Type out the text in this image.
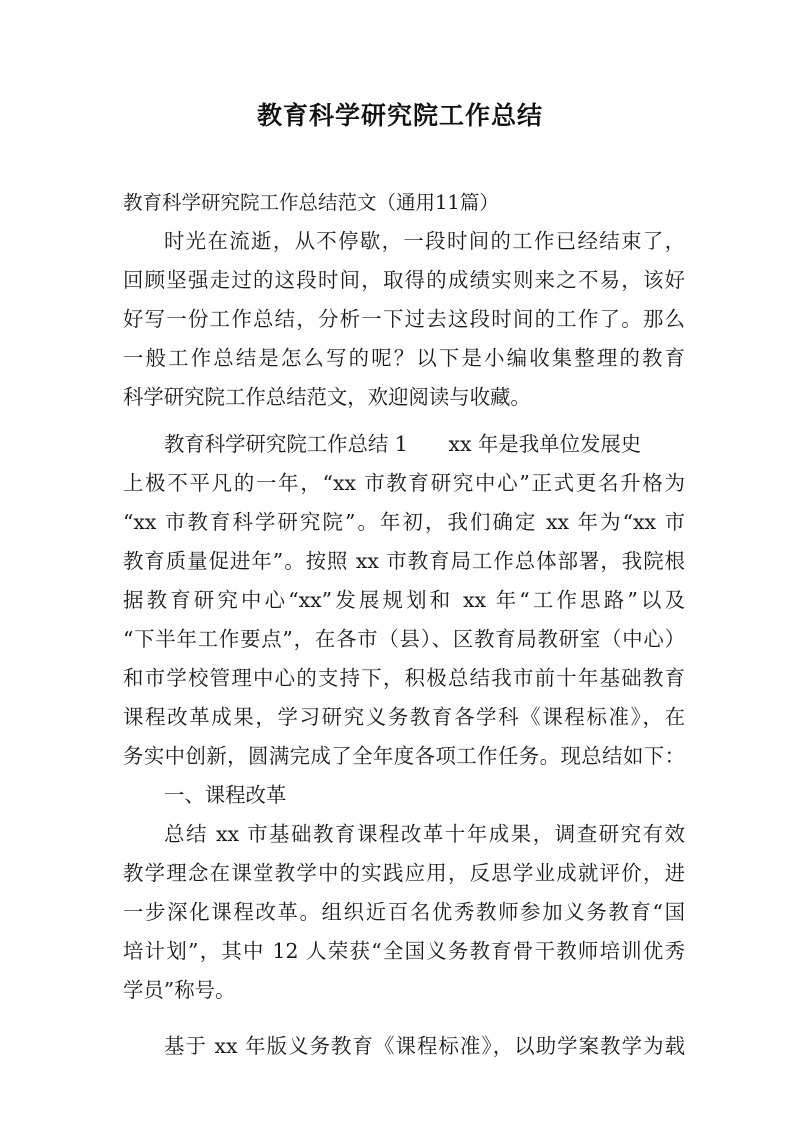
教育科学研究院工作总结
教育科学研究院工作总结范文（通用11篇）
时光在流逝，从不停歇，一段时间的工作已经结束了，
回顾坚强走过的这段时间，取得的成绩实则来之不易，该好
好写一份工作总结，分析一下过去这段时间的工作了。那么
一般工作总结是怎么写的呢？以下是小编收集整理的教育
科学研究院工作总结范文，欢迎阅读与收藏。
教育科学研究院工作总结 1　　xx 年是我单位发展史
上极不平凡的一年，“xx 市教育研究中心”正式更名升格为
“xx 市教育科学研究院”。年初，我们确定 xx 年为“xx 市
教育质量促进年”。按照 xx 市教育局工作总体部署，我院根
据教育研究中心“xx”发展规划和 xx 年“工作思路”以及
“下半年工作要点”，在各市（县）、区教育局教研室（中心）
和市学校管理中心的支持下，积极总结我市前十年基础教育
课程改革成果，学习研究义务教育各学科《课程标准》，在
务实中创新，圆满完成了全年度各项工作任务。现总结如下：
一、课程改革
总结 xx 市基础教育课程改革十年成果，调查研究有效
教学理念在课堂教学中的实践应用，反思学业成就评价，进
一步深化课程改革。组织近百名优秀教师参加义务教育“国
培计划”，其中 12 人荣获“全国义务教育骨干教师培训优秀
学员”称号。
基于 xx 年版义务教育《课程标准》，以助学案教学为载
